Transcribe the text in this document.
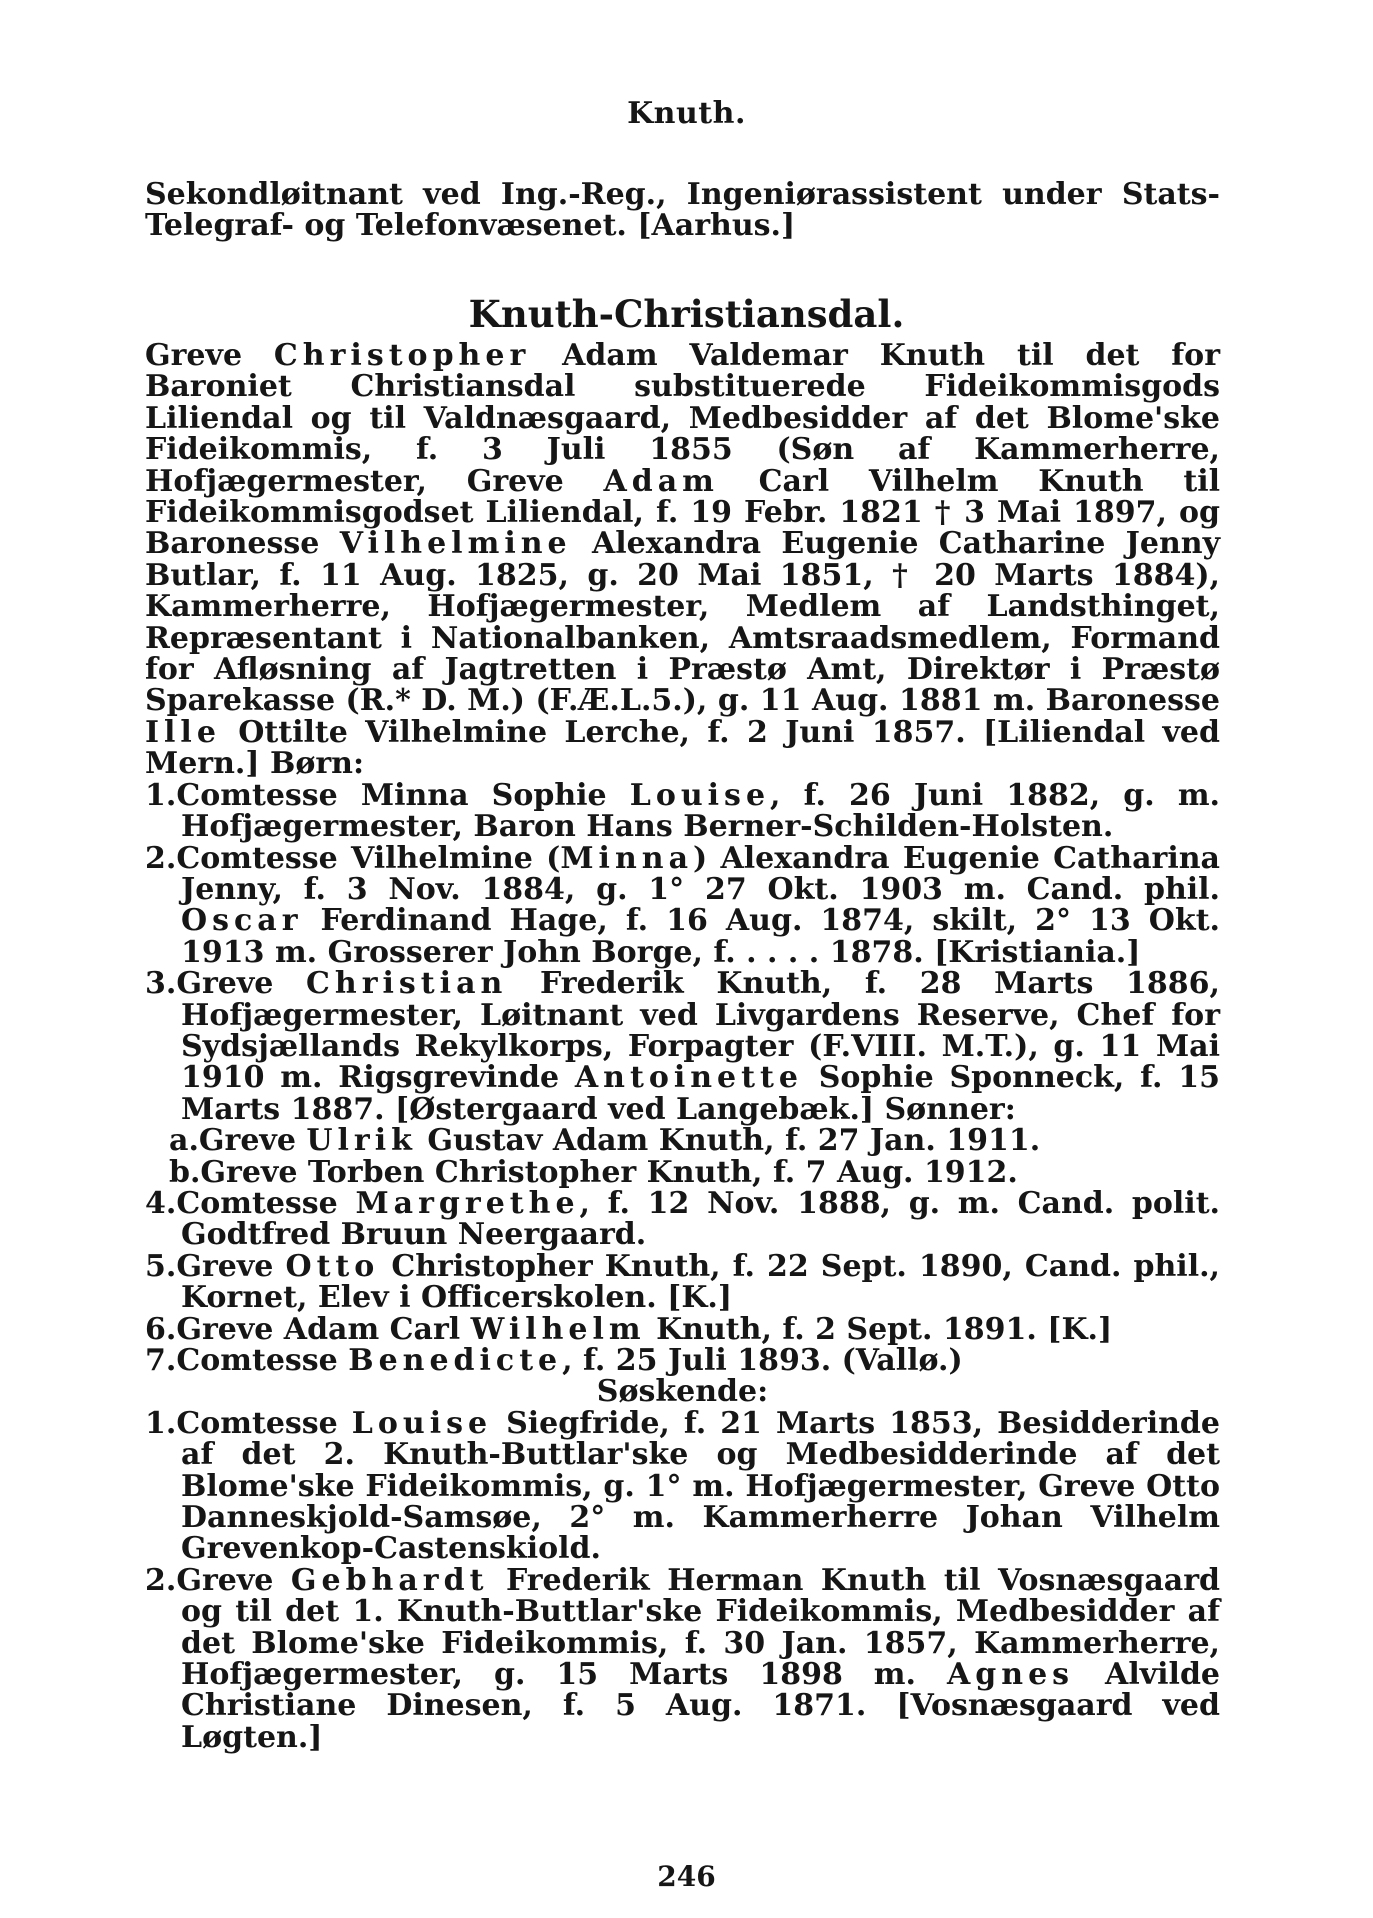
Knuth.
Sekondløitnant ved Ing.-Reg., Ingeniørassistent under Stats-Telegraf- og Telefonvæsenet. [Aarhus.]
Knuth-Christiansdal.

Greve Christopher Adam Valdemar Knuth til det for Baroniet Christiansdal substituerede Fideikommisgods Liliendal og til Valdnæsgaard, Medbesidder af det Blome'ske Fideikommis, f. 3 Juli 1855 (Søn af Kammerherre, Hofjægermester, Greve Adam Carl Vilhelm Knuth til Fideikommisgodset Liliendal, f. 19 Febr. 1821 † 3 Mai 1897, og Baronesse Vilhelmine Alexandra Eugenie Catharine Jenny Butlar, f. 11 Aug. 1825, g. 20 Mai 1851, † 20 Marts 1884), Kammerherre, Hofjægermester, Medlem af Landsthinget, Repræsentant i Nationalbanken, Amtsraadsmedlem, Formand for Afløsning af Jagtretten i Præstø Amt, Direktør i Præstø Sparekasse (R.* D. M.) (F.Æ.L.5.), g. 11 Aug. 1881 m. Baronesse Ille Ottilte Vilhelmine Lerche, f. 2 Juni 1857. [Liliendal ved Mern.] Børn:

1.Comtesse Minna Sophie Louise, f. 26 Juni 1882, g. m. Hofjægermester, Baron Hans Berner-Schilden-Holsten.

2.Comtesse Vilhelmine (Minna) Alexandra Eugenie Catharina Jenny, f. 3 Nov. 1884, g. 1° 27 Okt. 1903 m. Cand. phil. Oscar Ferdinand Hage, f. 16 Aug. 1874, skilt, 2° 13 Okt. 1913 m. Grosserer John Borge, f. . . . . 1878. [Kristiania.]

3.Greve Christian Frederik Knuth, f. 28 Marts 1886, Hofjægermester, Løitnant ved Livgardens Reserve, Chef for Sydsjællands Rekylkorps, Forpagter (F.VIII. M.T.), g. 11 Mai 1910 m. Rigsgrevinde Antoinette Sophie Sponneck, f. 15 Marts 1887. [Østergaard ved Langebæk.] Sønner:

a.Greve Ulrik Gustav Adam Knuth, f. 27 Jan. 1911.

b.Greve Torben Christopher Knuth, f. 7 Aug. 1912.

4.Comtesse Margrethe, f. 12 Nov. 1888, g. m. Cand. polit. Godtfred Bruun Neergaard.

5.Greve Otto Christopher Knuth, f. 22 Sept. 1890, Cand. phil., Kornet, Elev i Officerskolen. [K.]

6.Greve Adam Carl Wilhelm Knuth, f. 2 Sept. 1891. [K.]

7.Comtesse Benedicte, f. 25 Juli 1893. (Vallø.)

Søskende:

1.Comtesse Louise Siegfride, f. 21 Marts 1853, Besidderinde af det 2. Knuth-Buttlar'ske og Medbesidderinde af det Blome'ske Fideikommis, g. 1° m. Hofjægermester, Greve Otto Danneskjold-Samsøe, 2° m. Kammerherre Johan Vilhelm Grevenkop-Castenskiold.

2.Greve Gebhardt Frederik Herman Knuth til Vosnæsgaard og til det 1. Knuth-Buttlar'ske Fideikommis, Medbesidder af det Blome'ske Fideikommis, f. 30 Jan. 1857, Kammerherre, Hofjægermester, g. 15 Marts 1898 m. Agnes Alvilde Christiane Dinesen, f. 5 Aug. 1871. [Vosnæsgaard ved Løgten.]

246
